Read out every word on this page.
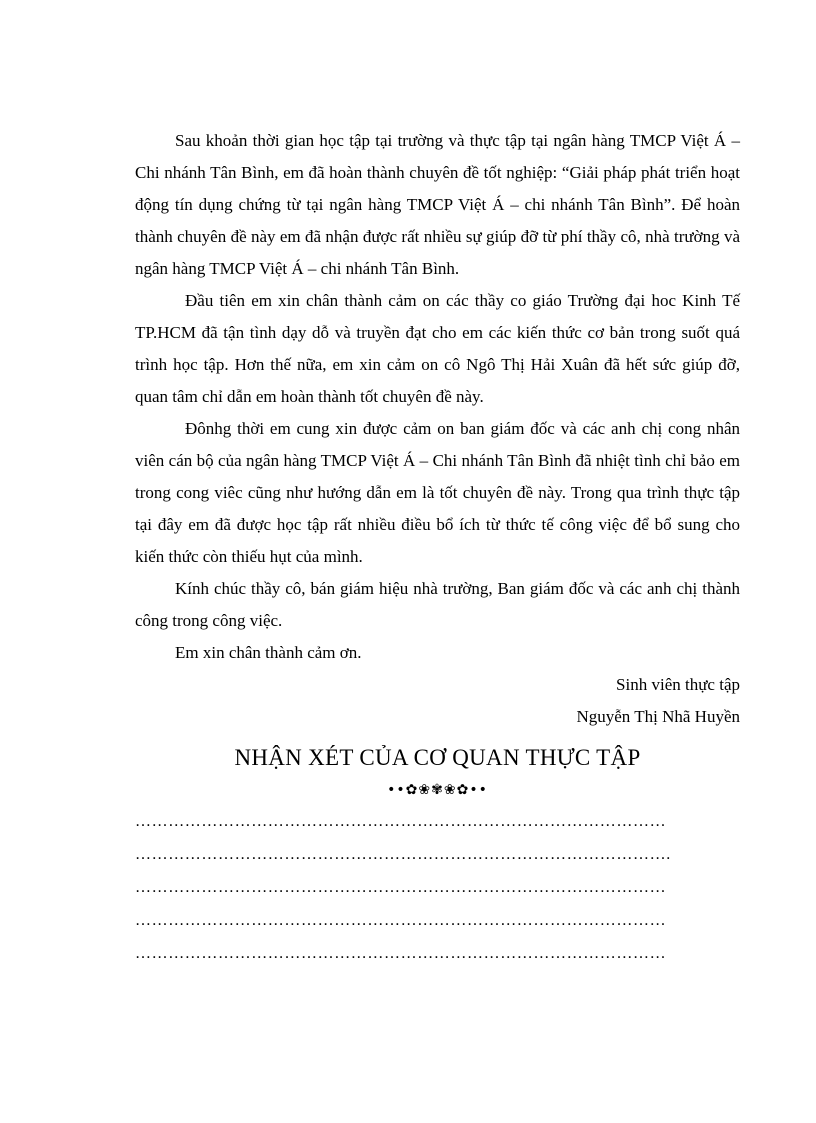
Sau khoản thời gian học tập tại trường và thực tập tại ngân hàng TMCP Việt Á – Chi nhánh Tân Bình, em đã hoàn thành chuyên đề tốt nghiệp: “Giải pháp phát triển hoạt động tín dụng chứng từ tại ngân hàng TMCP Việt Á – chi nhánh Tân Bình”. Để hoàn thành chuyên đề này em đã nhận được rất nhiều sự giúp đỡ từ phí thầy cô, nhà trường và ngân hàng TMCP Việt Á – chi nhánh Tân Bình.

Đầu tiên em xin chân thành cảm on các thầy co giáo Trường đại hoc Kinh Tế TP.HCM đã tận tình dạy dỗ và truyền đạt cho em các kiến thức cơ bản trong suốt quá trình học tập. Hơn thế nữa, em xin cảm on cô Ngô Thị Hải Xuân đã hết sức giúp đỡ, quan tâm chỉ dẫn em hoàn thành tốt chuyên đề này.

Đônhg thời em cung xin được cảm on ban giám đốc và các anh chị cong nhân viên cán bộ của ngân hàng TMCP Việt Á – Chi nhánh Tân Bình đã nhiệt tình chỉ bảo em trong cong viêc cũng như hướng dẫn em là tốt chuyên đề này. Trong qua trình thực tập tại đây em đã được học tập rất nhiều điều bổ ích từ thức tế công việc để bổ sung cho kiến thức còn thiếu hụt của mình.

Kính chúc thầy cô, bán giám hiệu nhà trường, Ban giám đốc và các anh chị thành công trong công việc.

Em xin chân thành cảm ơn.

Sinh viên thực tập

Nguyễn Thị Nhã Huyền

NHẬN XÉT CỦA CƠ QUAN THỰC TẬP
••✿❀✾❀✿••
……………………………………………………………………………………
…………………………………………………………………………………….
……………………………………………………………………………………
……………………………………………………………………………………
……………………………………………………………………………………
